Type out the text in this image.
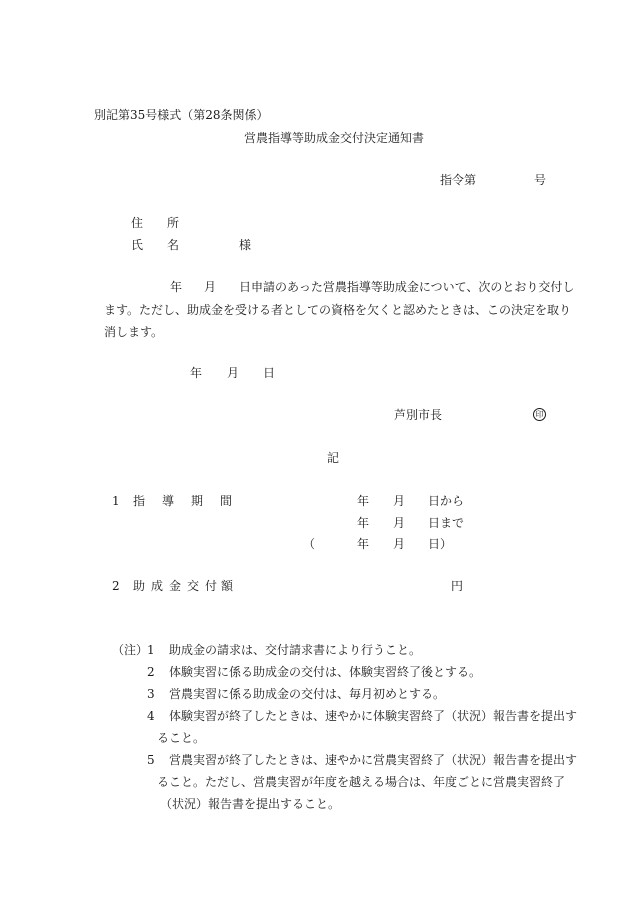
別記第35号様式（第28条関係）
営農指導等助成金交付決定通知書
指令第	号
住　　所
氏　　名	様
年 月 日申請のあった営農指導等助成金について、次のとおり交付し
ます。ただし、助成金を受ける者としての資格を欠くと認めたときは、この決定を取り
消します。
年 月 日
芦別市長	印
記
1 指 導 期 間	年 月 日から
年 月 日まで
（	年 月 日）
2 助 成 金 交 付 額	円
（注）
1 助成金の請求は、交付請求書により行うこと。
2 体験実習に係る助成金の交付は、体験実習終了後とする。
3 営農実習に係る助成金の交付は、毎月初めとする。
4 体験実習が終了したときは、速やかに体験実習終了（状況）報告書を提出す
ること。
5 営農実習が終了したときは、速やかに営農実習終了（状況）報告書を提出す
ること。ただし、営農実習が年度を越える場合は、年度ごとに営農実習終了
（状況）報告書を提出すること。
